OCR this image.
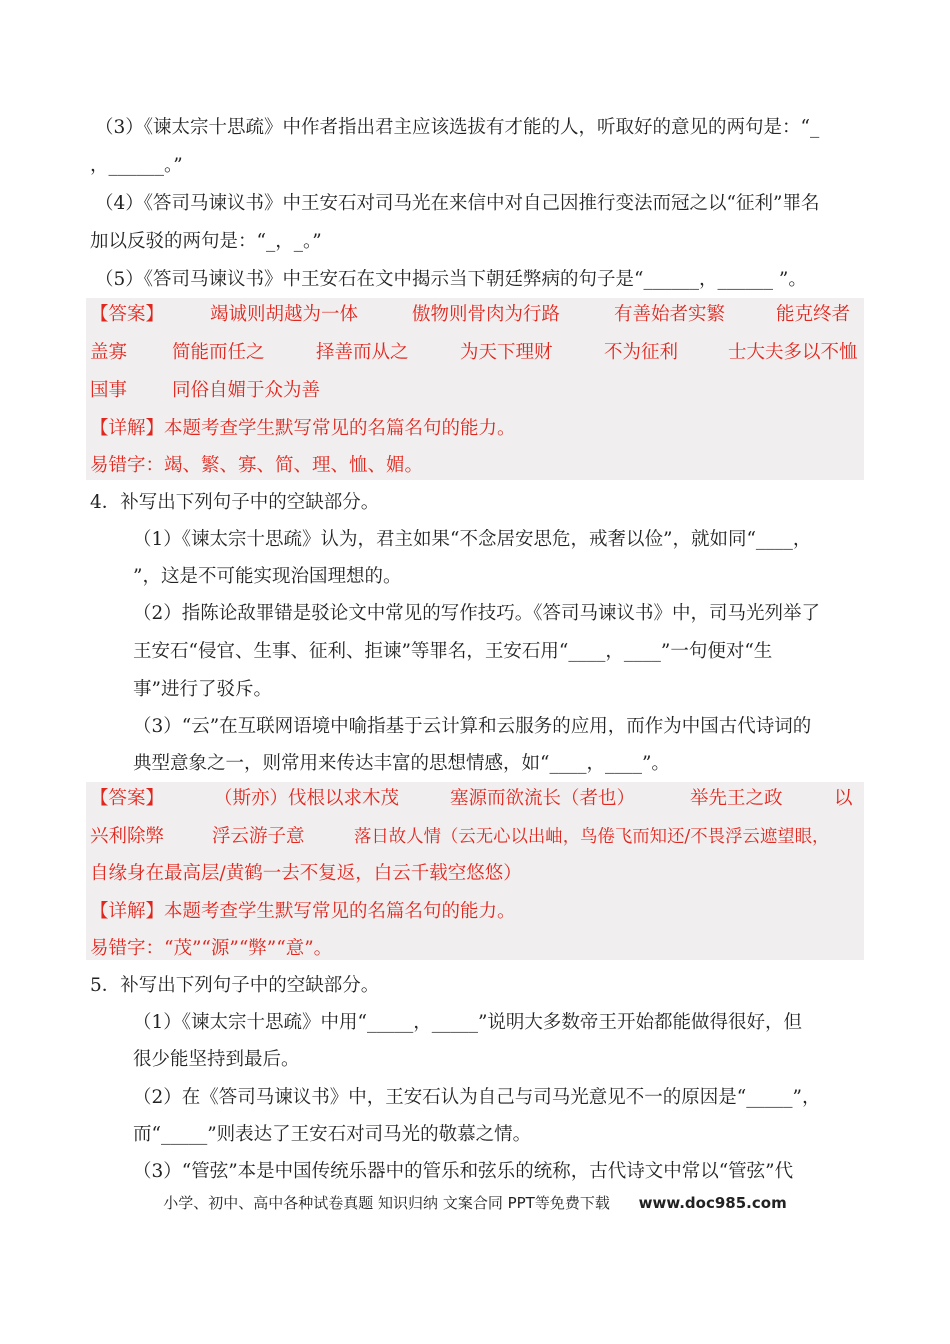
（3）《谏太宗十思疏》中作者指出君主应该选拔有才能的人，听取好的意见的两句是：“_
，______。”
（4）《答司马谏议书》中王安石对司马光在来信中对自己因推行变法而冠之以“征利”罪名
加以反驳的两句是：“_，_。”
（5）《答司马谏议书》中王安石在文中揭示当下朝廷弊病的句子是“______，______ ”。
【答案】 竭诚则胡越为一体	傲物则骨肉为行路	有善始者实繁	能克终者
盖寡 简能而任之	择善而从之	为天下理财	不为征利	士大夫多以不恤
国事 同俗自媚于众为善
【详解】本题考查学生默写常见的名篇名句的能力。
易错字：竭、繁、寡、简、理、恤、媚。
4．补写出下列句子中的空缺部分。
（1）《谏太宗十思疏》认为，君主如果“不念居安思危，戒奢以俭”，就如同“____，
”，这是不可能实现治国理想的。
（2）指陈论敌罪错是驳论文中常见的写作技巧。《答司马谏议书》中，司马光列举了
王安石“侵官、生事、征利、拒谏”等罪名，王安石用“____，____”一句便对“生
事”进行了驳斥。
（3）“云”在互联网语境中喻指基于云计算和云服务的应用，而作为中国古代诗词的
典型意象之一，则常用来传达丰富的思想情感，如“____，____”。
【答案】	（斯亦）伐根以求木茂	塞源而欲流长（者也）	举先王之政	以
兴利除弊	浮云游子意	落日故人情（云无心以出岫，鸟倦飞而知还/不畏浮云遮望眼，
自缘身在最高层/黄鹤一去不复返，白云千载空悠悠）
【详解】本题考查学生默写常见的名篇名句的能力。
易错字：“茂”“源”“弊”“意”。
5．补写出下列句子中的空缺部分。
（1）《谏太宗十思疏》中用“_____，_____”说明大多数帝王开始都能做得很好，但
很少能坚持到最后。
（2）在《答司马谏议书》中，王安石认为自己与司马光意见不一的原因是“_____”，
而“_____”则表达了王安石对司马光的敬慕之情。
（3）“管弦”本是中国传统乐器中的管乐和弦乐的统称，古代诗文中常以“管弦”代
小学、初中、高中各种试卷真题 知识归纳 文案合同 PPT等免费下载 www.doc985.com
